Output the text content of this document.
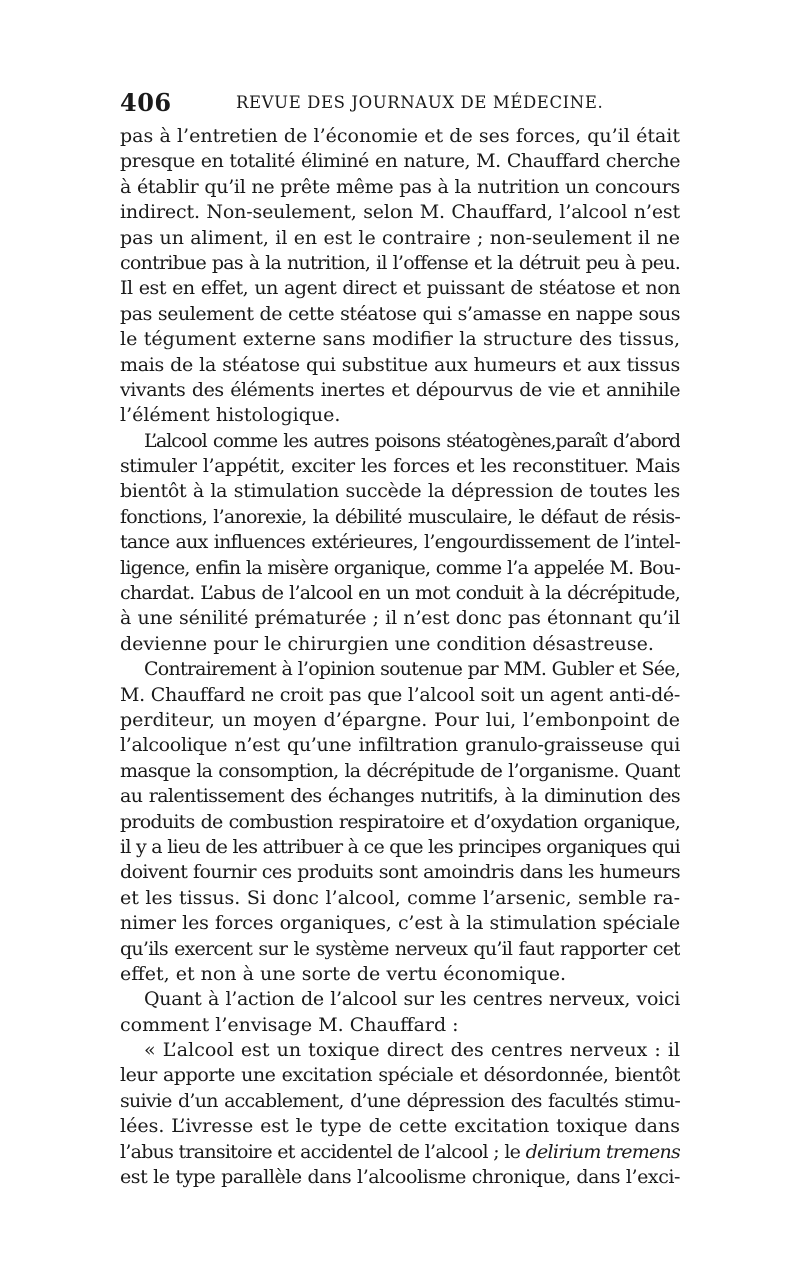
406	REVUE DES JOURNAUX DE MÉDECINE.
pas à l’entretien de l’économie et de ses forces, qu’il était
presque en totalité éliminé en nature, M. Chauffard cherche
à établir qu’il ne prête même pas à la nutrition un concours
indirect. Non-seulement, selon M. Chauffard, l’alcool n’est
pas un aliment, il en est le contraire ; non-seulement il ne
contribue pas à la nutrition, il l’offense et la détruit peu à peu.
Il est en effet, un agent direct et puissant de stéatose et non
pas seulement de cette stéatose qui s’amasse en nappe sous
le tégument externe sans modifier la structure des tissus,
mais de la stéatose qui substitue aux humeurs et aux tissus
vivants des éléments inertes et dépourvus de vie et annihile
l’élément histologique.
L’alcool comme les autres poisons stéatogènes,paraît d’abord
stimuler l’appétit, exciter les forces et les reconstituer. Mais
bientôt à la stimulation succède la dépression de toutes les
fonctions, l’anorexie, la débilité musculaire, le défaut de résis-
tance aux influences extérieures, l’engourdissement de l’intel-
ligence, enfin la misère organique, comme l’a appelée M. Bou-
chardat. L’abus de l’alcool en un mot conduit à la décrépitude,
à une sénilité prématurée ; il n’est donc pas étonnant qu’il
devienne pour le chirurgien une condition désastreuse.
Contrairement à l’opinion soutenue par MM. Gubler et Sée,
M. Chauffard ne croit pas que l’alcool soit un agent anti-dé-
perditeur, un moyen d’épargne. Pour lui, l’embonpoint de
l’alcoolique n’est qu’une infiltration granulo-graisseuse qui
masque la consomption, la décrépitude de l’organisme. Quant
au ralentissement des échanges nutritifs, à la diminution des
produits de combustion respiratoire et d’oxydation organique,
il y a lieu de les attribuer à ce que les principes organiques qui
doivent fournir ces produits sont amoindris dans les humeurs
et les tissus. Si donc l’alcool, comme l’arsenic, semble ra-
nimer les forces organiques, c’est à la stimulation spéciale
qu’ils exercent sur le système nerveux qu’il faut rapporter cet
effet, et non à une sorte de vertu économique.
Quant à l’action de l’alcool sur les centres nerveux, voici
comment l’envisage M. Chauffard :
« L’alcool est un toxique direct des centres nerveux : il
leur apporte une excitation spéciale et désordonnée, bientôt
suivie d’un accablement, d’une dépression des facultés stimu-
lées. L’ivresse est le type de cette excitation toxique dans
l’abus transitoire et accidentel de l’alcool ; le delirium tremens
est le type parallèle dans l’alcoolisme chronique, dans l’exci-
